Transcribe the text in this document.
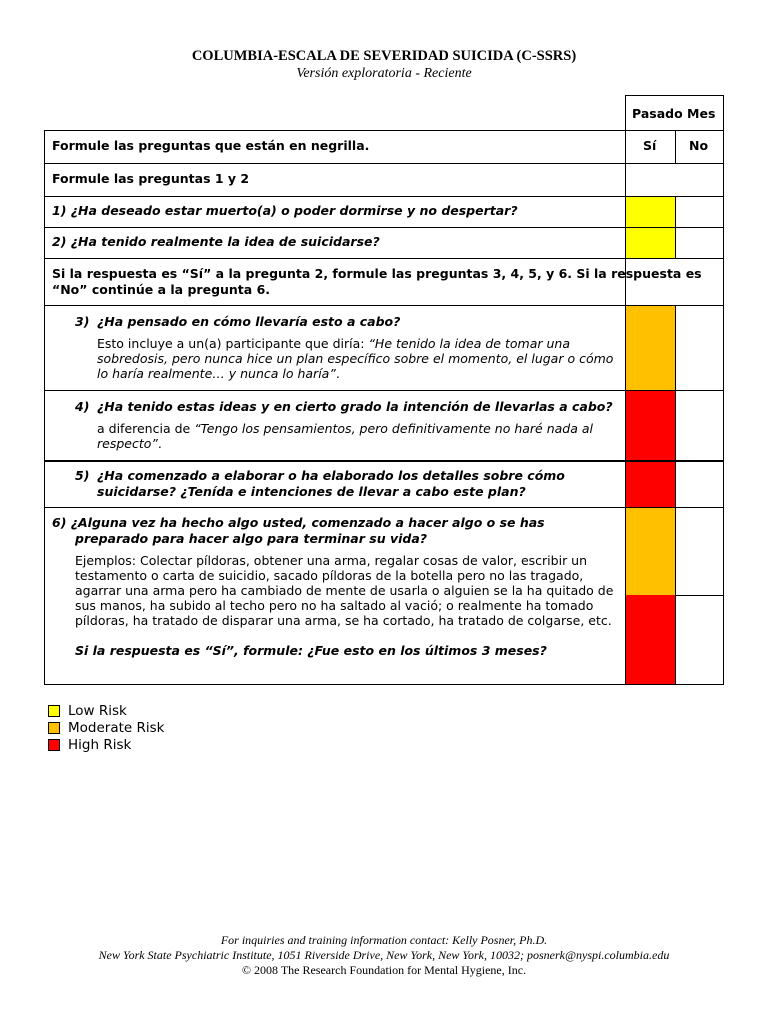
COLUMBIA-ESCALA DE SEVERIDAD SUICIDA (C-SSRS)
Versión exploratoria - Reciente
Pasado Mes
Formule las preguntas que están en negrilla.	Sí	No
Formule las preguntas 1 y 2
1) ¿Ha deseado estar muerto(a) o poder dormirse y no despertar?
2) ¿Ha tenido realmente la idea de suicidarse?
Si la respuesta es “Sí” a la pregunta 2, formule las preguntas 3, 4, 5, y 6. Si la respuesta es
“No” continúe a la pregunta 6.
3) ¿Ha pensado en cómo llevaría esto a cabo?
Esto incluye a un(a) participante que diría: “He tenido la idea de tomar una
sobredosis, pero nunca hice un plan específico sobre el momento, el lugar o cómo
lo haría realmente… y nunca lo haría”.
4) ¿Ha tenido estas ideas y en cierto grado la intención de llevarlas a cabo?
a diferencia de “Tengo los pensamientos, pero definitivamente no haré nada al
respecto”.
5) ¿Ha comenzado a elaborar o ha elaborado los detalles sobre cómo
suicidarse? ¿Tenída e intenciones de llevar a cabo este plan?
6) ¿Alguna vez ha hecho algo usted, comenzado a hacer algo o se has
preparado para hacer algo para terminar su vida?
Ejemplos: Colectar píldoras, obtener una arma, regalar cosas de valor, escribir un
testamento o carta de suicidio, sacado píldoras de la botella pero no las tragado,
agarrar una arma pero ha cambiado de mente de usarla o alguien se la ha quitado de
sus manos, ha subido al techo pero no ha saltado al vació; o realmente ha tomado
píldoras, ha tratado de disparar una arma, se ha cortado, ha tratado de colgarse, etc.
Si la respuesta es “Sí”, formule: ¿Fue esto en los últimos 3 meses?
Low Risk
Moderate Risk
High Risk
For inquiries and training information contact: Kelly Posner, Ph.D.
New York State Psychiatric Institute, 1051 Riverside Drive, New York, New York, 10032; posnerk@nyspi.columbia.edu
© 2008 The Research Foundation for Mental Hygiene, Inc.
